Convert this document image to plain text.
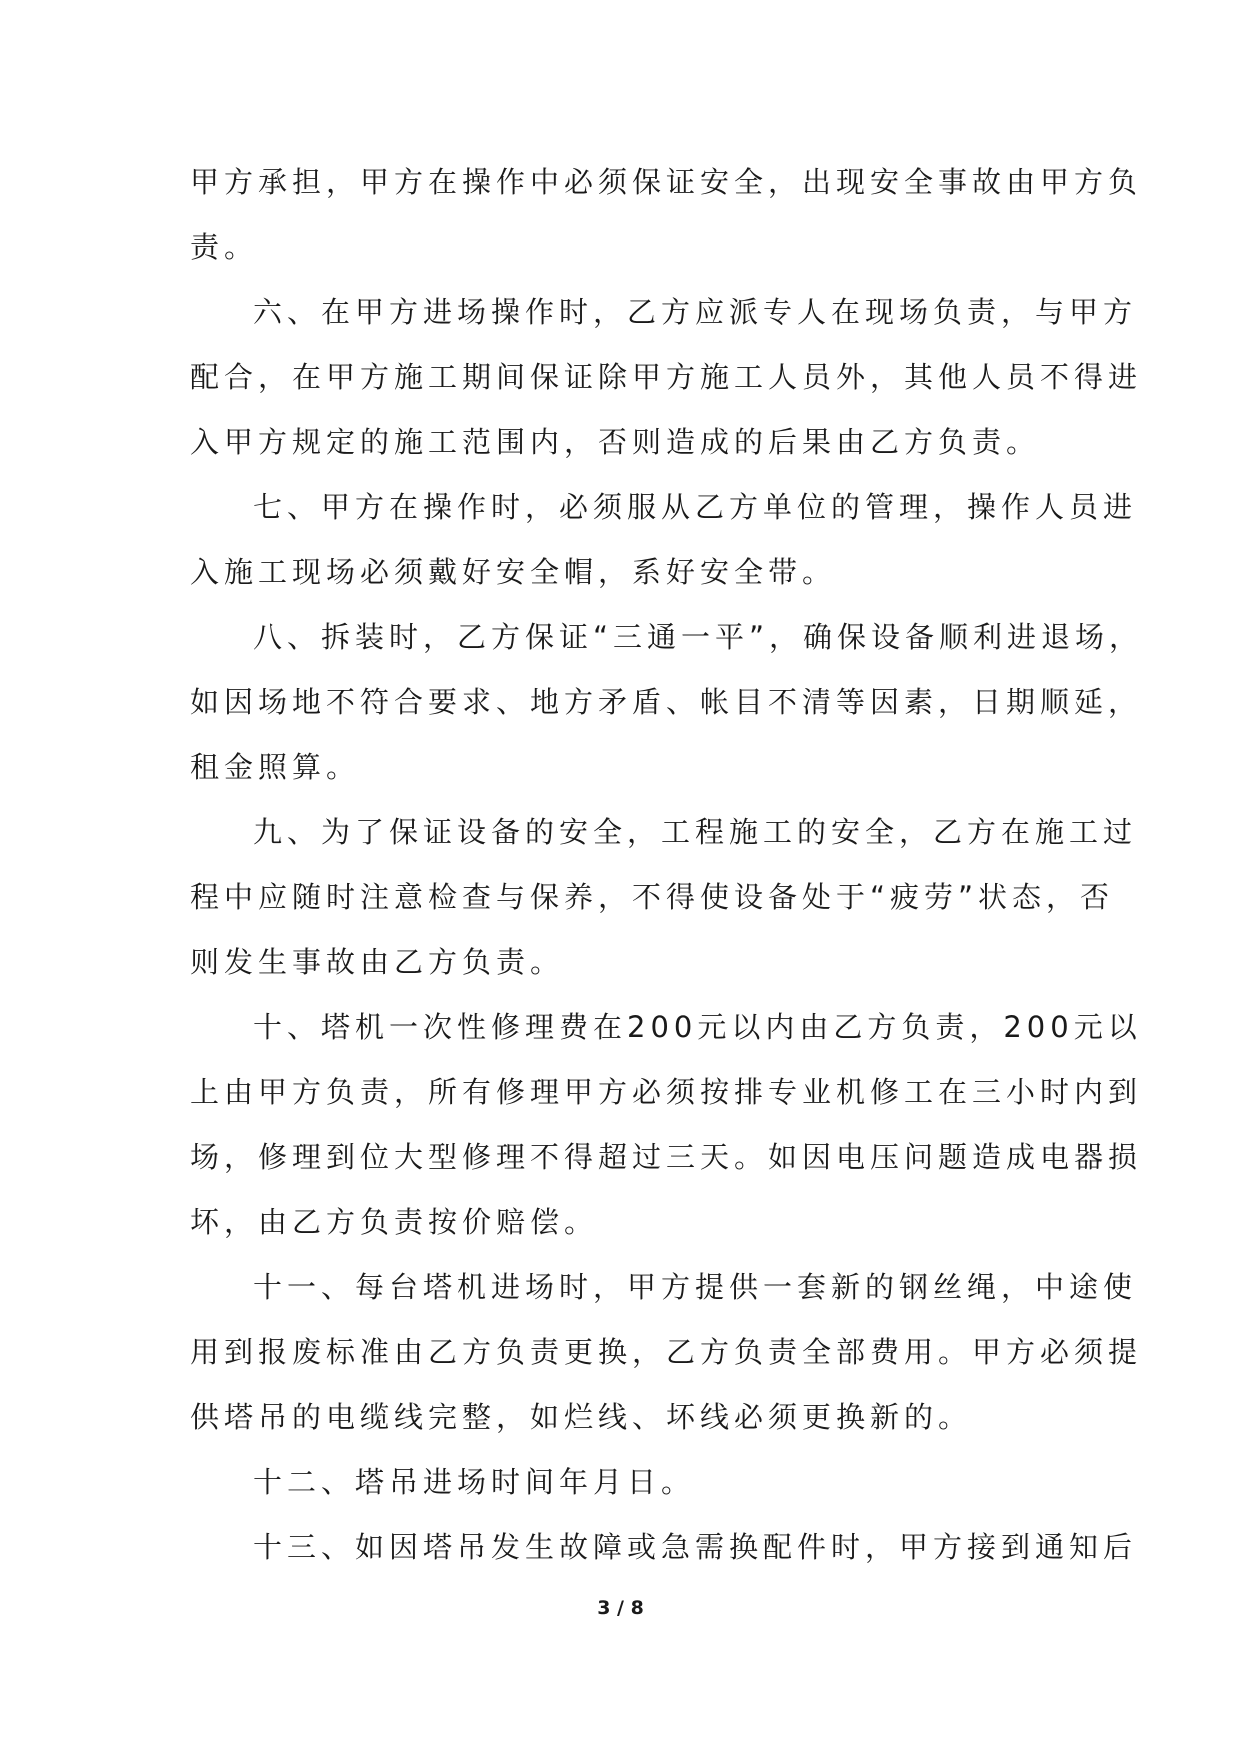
甲方承担，甲方在操作中必须保证安全，出现安全事故由甲方负
责。
六、在甲方进场操作时，乙方应派专人在现场负责，与甲方
配合，在甲方施工期间保证除甲方施工人员外，其他人员不得进
入甲方规定的施工范围内，否则造成的后果由乙方负责。
七、甲方在操作时，必须服从乙方单位的管理，操作人员进
入施工现场必须戴好安全帽，系好安全带。
八、拆装时，乙方保证“三通一平”，确保设备顺利进退场，
如因场地不符合要求、地方矛盾、帐目不清等因素，日期顺延，
租金照算。
九、为了保证设备的安全，工程施工的安全，乙方在施工过
程中应随时注意检查与保养，不得使设备处于“疲劳”状态，否
则发生事故由乙方负责。
十、塔机一次性修理费在200元以内由乙方负责，200元以
上由甲方负责，所有修理甲方必须按排专业机修工在三小时内到
场，修理到位大型修理不得超过三天。如因电压问题造成电器损
坏，由乙方负责按价赔偿。
十一、每台塔机进场时，甲方提供一套新的钢丝绳，中途使
用到报废标准由乙方负责更换，乙方负责全部费用。甲方必须提
供塔吊的电缆线完整，如烂线、坏线必须更换新的。
十二、塔吊进场时间年月日。
十三、如因塔吊发生故障或急需换配件时，甲方接到通知后
3 / 8
